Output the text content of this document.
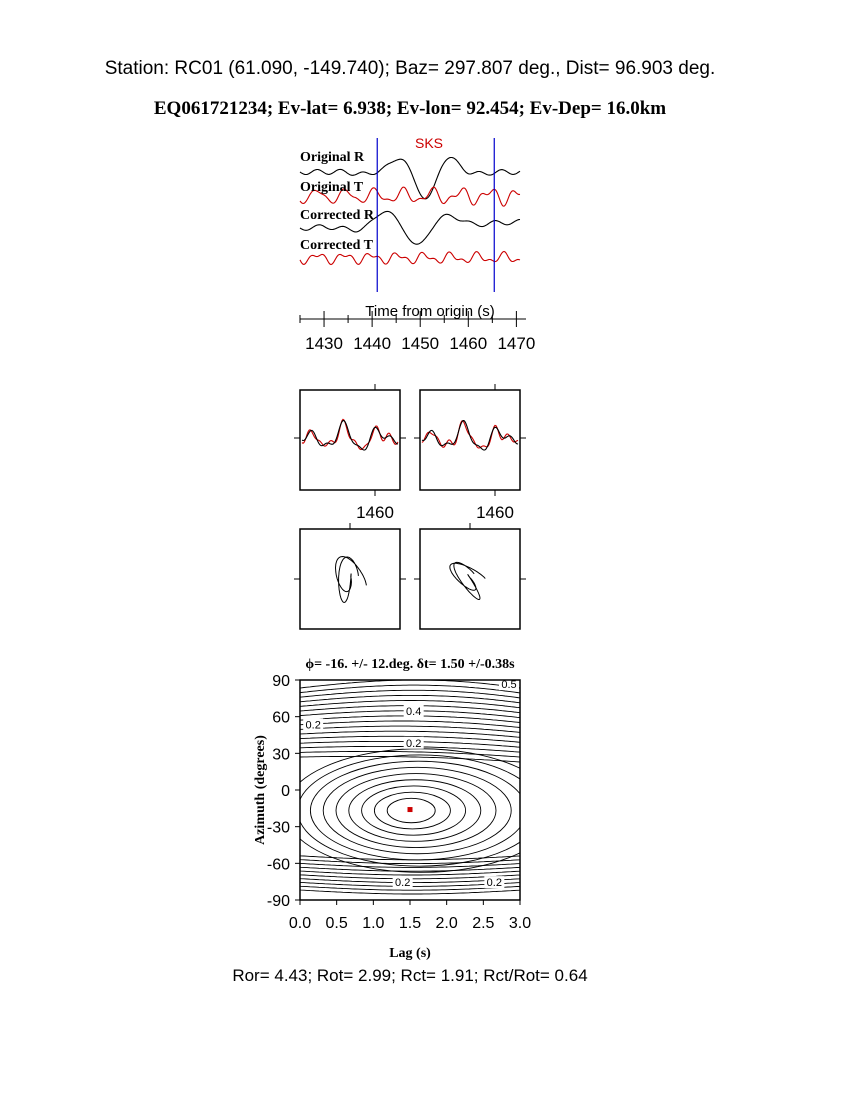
Station: RC01 (61.090, -149.740); Baz= 297.807 deg., Dist= 96.903 deg.
EQ061721234; Ev-lat= 6.938; Ev-lon= 92.454; Ev-Dep= 16.0km
Original R
Original T
Corrected R
Corrected T
SKS
Time from origin (s)
1430 1440 1450 1460 1470
1460	1460
ϕ= -16. +/- 12.deg. δt= 1.50 +/-0.38s
0.2
0.4
0.2
0.5
0.2	0.2
0.0 0.5 1.0 1.5 2.0 2.5 3.0
90
60
30
0
-30
-60
-90
Lag (s)
Azimuth (degrees)
Ror= 4.43; Rot= 2.99; Rct= 1.91; Rct/Rot= 0.64
